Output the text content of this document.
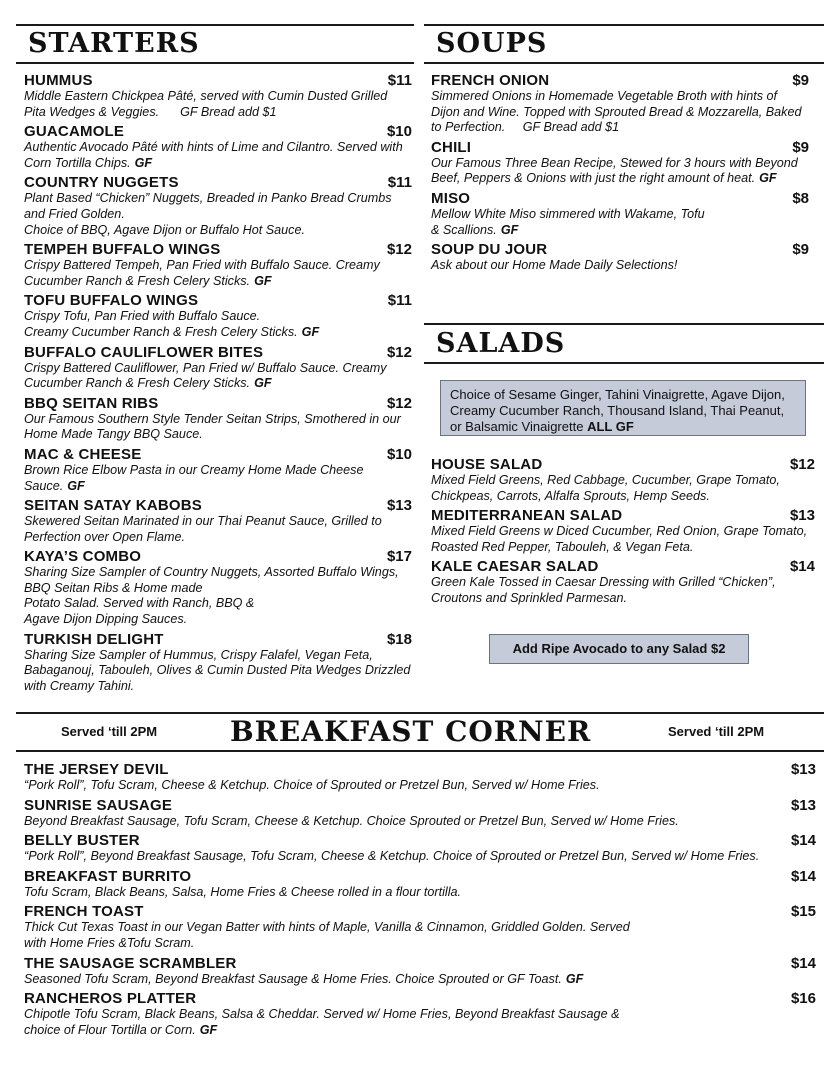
STARTERS	SOUPS
SALADS
BREAKFAST CORNER
Served ‘till 2PM	Served ‘till 2PM
HUMMUS	$11

Middle Eastern Chickpea Pâté, served with Cumin Dusted Grilled Pita Wedges & Veggies.      GF Bread add $1

GUACAMOLE	$10

Authentic Avocado Pâté with hints of Lime and Cilantro. Served with Corn Tortilla Chips. GF

COUNTRY NUGGETS	$11

Plant Based “Chicken” Nuggets, Breaded in Panko Bread Crumbs and Fried Golden.
Choice of BBQ, Agave Dijon or Buffalo Hot Sauce.

TEMPEH BUFFALO WINGS	$12

Crispy Battered Tempeh, Pan Fried with Buffalo Sauce. Creamy Cucumber Ranch & Fresh Celery Sticks. GF

TOFU BUFFALO WINGS	$11

Crispy Tofu, Pan Fried with Buffalo Sauce.
Creamy Cucumber Ranch & Fresh Celery Sticks. GF

BUFFALO CAULIFLOWER BITES	$12

Crispy Battered Cauliflower, Pan Fried w/ Buffalo Sauce. Creamy Cucumber Ranch & Fresh Celery Sticks. GF

BBQ SEITAN RIBS	$12

Our Famous Southern Style Tender Seitan Strips, Smothered in our Home Made Tangy BBQ Sauce.

MAC & CHEESE	$10

Brown Rice Elbow Pasta in our Creamy Home Made Cheese Sauce. GF

SEITAN SATAY KABOBS	$13

Skewered Seitan Marinated in our Thai Peanut Sauce, Grilled to Perfection over Open Flame.

KAYA’S COMBO	$17

Sharing Size Sampler of Country Nuggets, Assorted Buffalo Wings, BBQ Seitan Ribs & Home made
Potato Salad. Served with Ranch, BBQ &
Agave Dijon Dipping Sauces.

TURKISH DELIGHT	$18

Sharing Size Sampler of Hummus, Crispy Falafel, Vegan Feta, Babaganouj, Tabouleh, Olives & Cumin Dusted Pita Wedges Drizzled with Creamy Tahini.

FRENCH ONION	$9

Simmered Onions in Homemade Vegetable Broth with hints of Dijon and Wine. Topped with Sprouted Bread & Mozzarella, Baked to Perfection.     GF Bread add $1

CHILI	$9

Our Famous Three Bean Recipe, Stewed for 3 hours with Beyond Beef, Peppers & Onions with just the right amount of heat. GF

MISO	$8

Mellow White Miso simmered with Wakame, Tofu
& Scallions. GF

SOUP DU JOUR	$9

Ask about our Home Made Daily Selections!

Choice of Sesame Ginger, Tahini Vinaigrette, Agave Dijon, Creamy Cucumber Ranch, Thousand Island, Thai Peanut, or Balsamic Vinaigrette ALL GF
HOUSE SALAD	$12

Mixed Field Greens, Red Cabbage, Cucumber, Grape Tomato, Chickpeas, Carrots, Alfalfa Sprouts, Hemp Seeds.

MEDITERRANEAN SALAD	$13

Mixed Field Greens w Diced Cucumber, Red Onion, Grape Tomato, Roasted Red Pepper, Tabouleh, & Vegan Feta.

KALE CAESAR SALAD	$14

Green Kale Tossed in Caesar Dressing with Grilled “Chicken”, Croutons and Sprinkled Parmesan.

Add Ripe Avocado to any Salad $2
THE JERSEY DEVIL	$13

“Pork Roll”, Tofu Scram, Cheese & Ketchup. Choice of Sprouted or Pretzel Bun, Served w/ Home Fries.

SUNRISE SAUSAGE	$13

Beyond Breakfast Sausage, Tofu Scram, Cheese & Ketchup. Choice Sprouted or Pretzel Bun, Served w/ Home Fries.

BELLY BUSTER	$14

“Pork Roll”, Beyond Breakfast Sausage, Tofu Scram, Cheese & Ketchup. Choice of Sprouted or Pretzel Bun, Served w/ Home Fries.

BREAKFAST BURRITO	$14

Tofu Scram, Black Beans, Salsa, Home Fries & Cheese rolled in a flour tortilla.

FRENCH TOAST	$15

Thick Cut Texas Toast in our Vegan Batter with hints of Maple, Vanilla & Cinnamon, Griddled Golden. Served
with Home Fries &Tofu Scram.

THE SAUSAGE SCRAMBLER	$14

Seasoned Tofu Scram, Beyond Breakfast Sausage & Home Fries. Choice Sprouted or GF Toast. GF

RANCHEROS PLATTER	$16

Chipotle Tofu Scram, Black Beans, Salsa & Cheddar. Served w/ Home Fries, Beyond Breakfast Sausage &
choice of Flour Tortilla or Corn. GF
